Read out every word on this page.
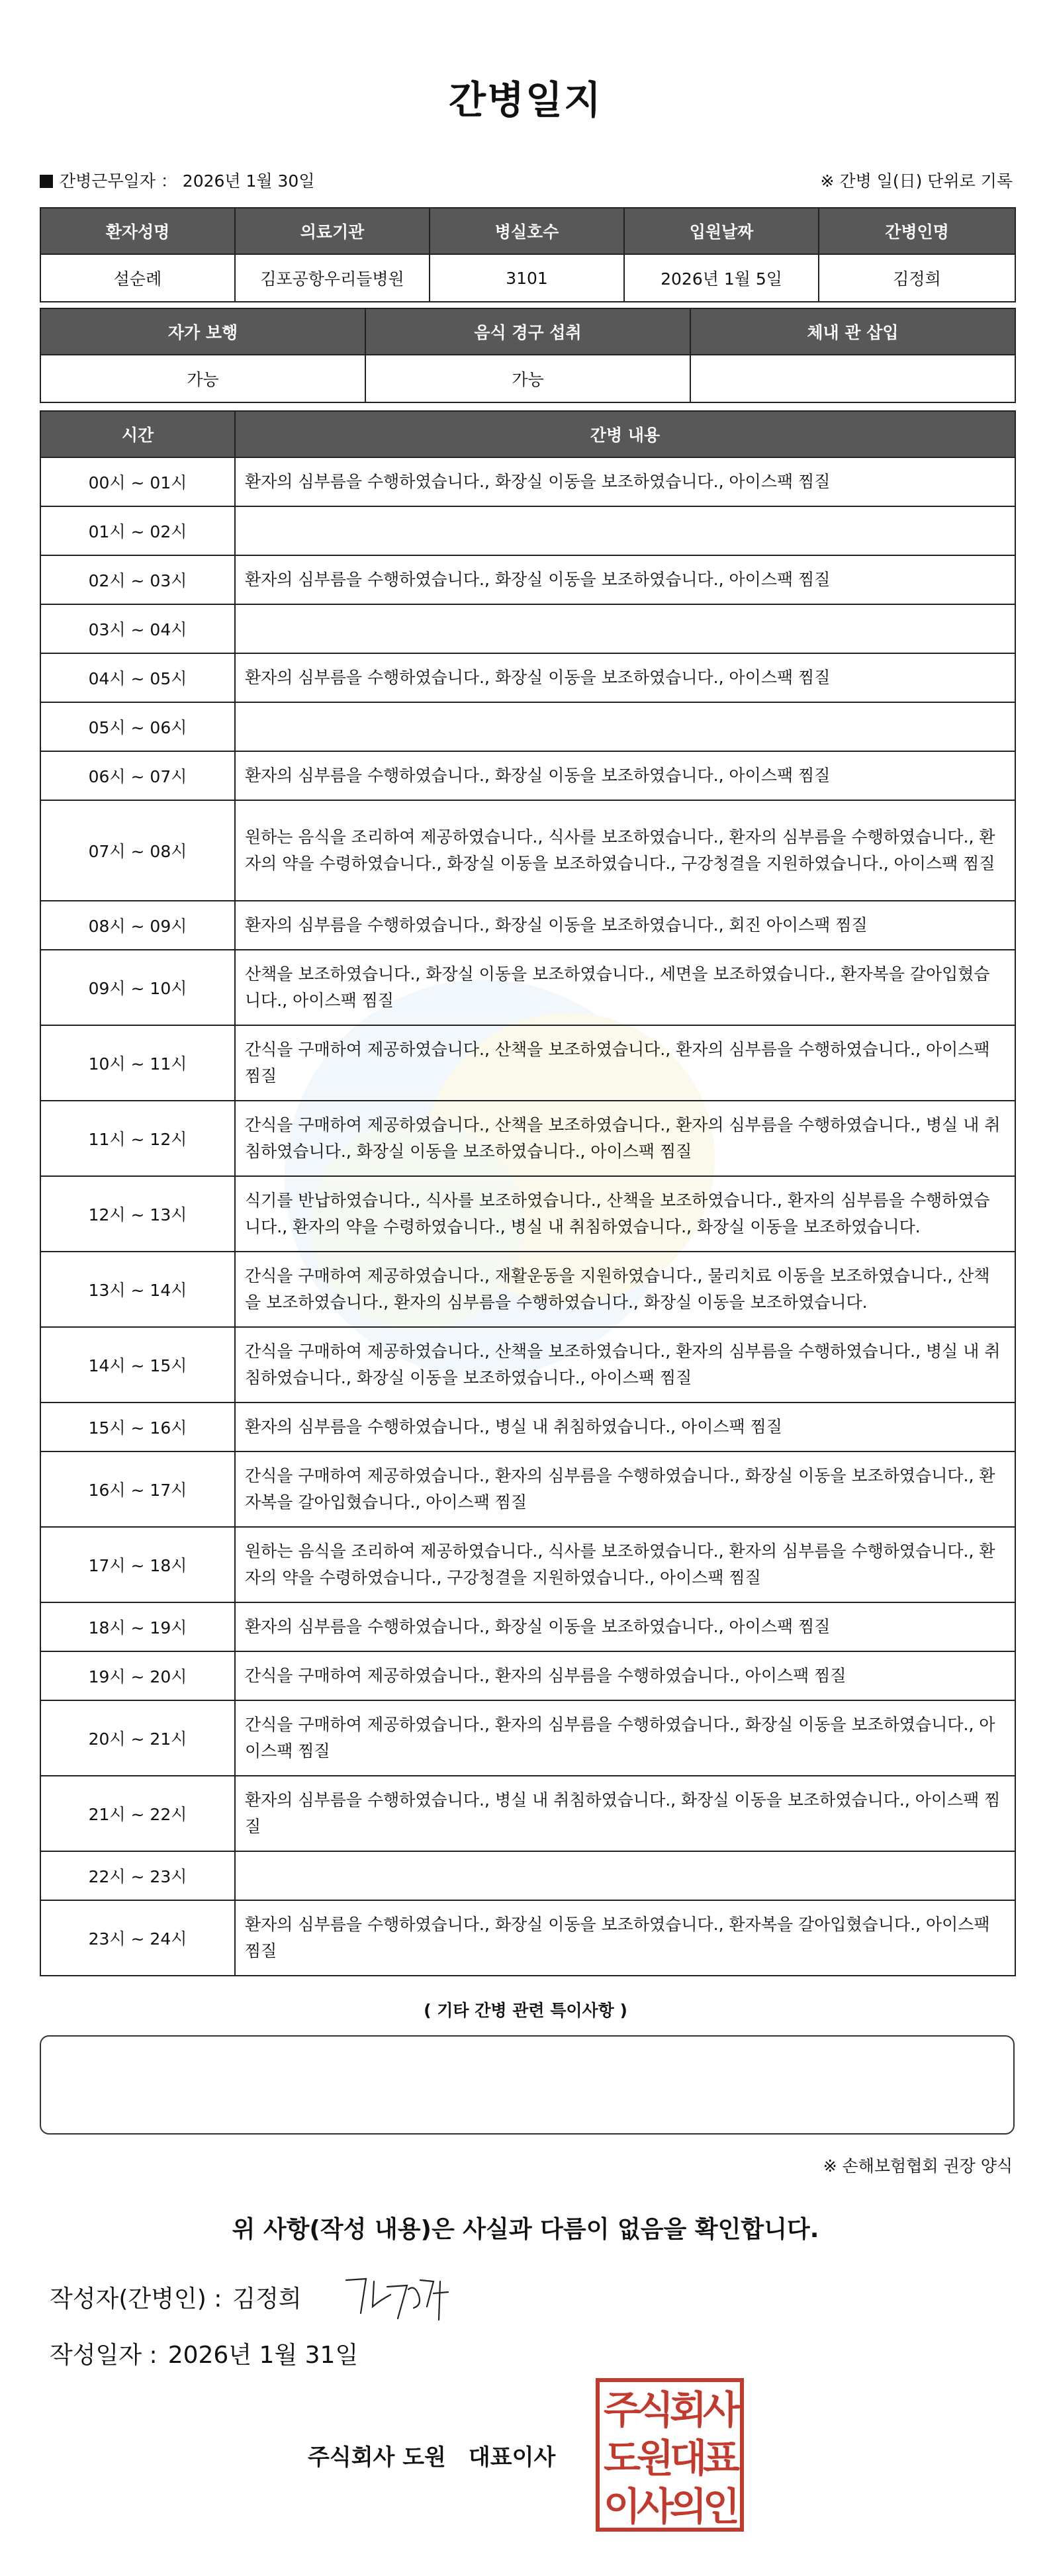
간병일지
간병근무일자 ： 2026년 1월 30일	※ 간병 일(日) 단위로 기록
환자성명	의료기관	병실호수	입원날짜	간병인명
설순례	김포공항우리들병원	3101	2026년 1월 5일	김정희
자가 보행	음식 경구 섭취	체내 관 삽입
가능	가능	
시간	간병 내용
00시 ~ 01시	환자의 심부름을 수행하였습니다., 화장실 이동을 보조하였습니다., 아이스팩 찜질
01시 ~ 02시	
02시 ~ 03시	환자의 심부름을 수행하였습니다., 화장실 이동을 보조하였습니다., 아이스팩 찜질
03시 ~ 04시	
04시 ~ 05시	환자의 심부름을 수행하였습니다., 화장실 이동을 보조하였습니다., 아이스팩 찜질
05시 ~ 06시	
06시 ~ 07시	환자의 심부름을 수행하였습니다., 화장실 이동을 보조하였습니다., 아이스팩 찜질
07시 ~ 08시	원하는 음식을 조리하여 제공하였습니다., 식사를 보조하였습니다., 환자의 심부름을 수행하였습니다., 환자의 약을 수령하였습니다., 화장실 이동을 보조하였습니다., 구강청결을 지원하였습니다., 아이스팩 찜질
08시 ~ 09시	환자의 심부름을 수행하였습니다., 화장실 이동을 보조하였습니다., 회진 아이스팩 찜질
09시 ~ 10시	산책을 보조하였습니다., 화장실 이동을 보조하였습니다., 세면을 보조하였습니다., 환자복을 갈아입혔습니다., 아이스팩 찜질
10시 ~ 11시	간식을 구매하여 제공하였습니다., 산책을 보조하였습니다., 환자의 심부름을 수행하였습니다., 아이스팩 찜질
11시 ~ 12시	간식을 구매하여 제공하였습니다., 산책을 보조하였습니다., 환자의 심부름을 수행하였습니다., 병실 내 취침하였습니다., 화장실 이동을 보조하였습니다., 아이스팩 찜질
12시 ~ 13시	식기를 반납하였습니다., 식사를 보조하였습니다., 산책을 보조하였습니다., 환자의 심부름을 수행하였습니다., 환자의 약을 수령하였습니다., 병실 내 취침하였습니다., 화장실 이동을 보조하였습니다.
13시 ~ 14시	간식을 구매하여 제공하였습니다., 재활운동을 지원하였습니다., 물리치료 이동을 보조하였습니다., 산책을 보조하였습니다., 환자의 심부름을 수행하였습니다., 화장실 이동을 보조하였습니다.
14시 ~ 15시	간식을 구매하여 제공하였습니다., 산책을 보조하였습니다., 환자의 심부름을 수행하였습니다., 병실 내 취침하였습니다., 화장실 이동을 보조하였습니다., 아이스팩 찜질
15시 ~ 16시	환자의 심부름을 수행하였습니다., 병실 내 취침하였습니다., 아이스팩 찜질
16시 ~ 17시	간식을 구매하여 제공하였습니다., 환자의 심부름을 수행하였습니다., 화장실 이동을 보조하였습니다., 환자복을 갈아입혔습니다., 아이스팩 찜질
17시 ~ 18시	원하는 음식을 조리하여 제공하였습니다., 식사를 보조하였습니다., 환자의 심부름을 수행하였습니다., 환자의 약을 수령하였습니다., 구강청결을 지원하였습니다., 아이스팩 찜질
18시 ~ 19시	환자의 심부름을 수행하였습니다., 화장실 이동을 보조하였습니다., 아이스팩 찜질
19시 ~ 20시	간식을 구매하여 제공하였습니다., 환자의 심부름을 수행하였습니다., 아이스팩 찜질
20시 ~ 21시	간식을 구매하여 제공하였습니다., 환자의 심부름을 수행하였습니다., 화장실 이동을 보조하였습니다., 아이스팩 찜질
21시 ~ 22시	환자의 심부름을 수행하였습니다., 병실 내 취침하였습니다., 화장실 이동을 보조하였습니다., 아이스팩 찜질
22시 ~ 23시	
23시 ~ 24시	환자의 심부름을 수행하였습니다., 화장실 이동을 보조하였습니다., 환자복을 갈아입혔습니다., 아이스팩 찜질
( 기타 간병 관련 특이사항 )
※ 손해보험협회 권장 양식
위 사항(작성 내용)은 사실과 다름이 없음을 확인합니다.
작성자(간병인) : 김정희
작성일자 : 2026년 1월 31일
주식회사 도원 대표이사
주식회사
도원대표
이사의인
